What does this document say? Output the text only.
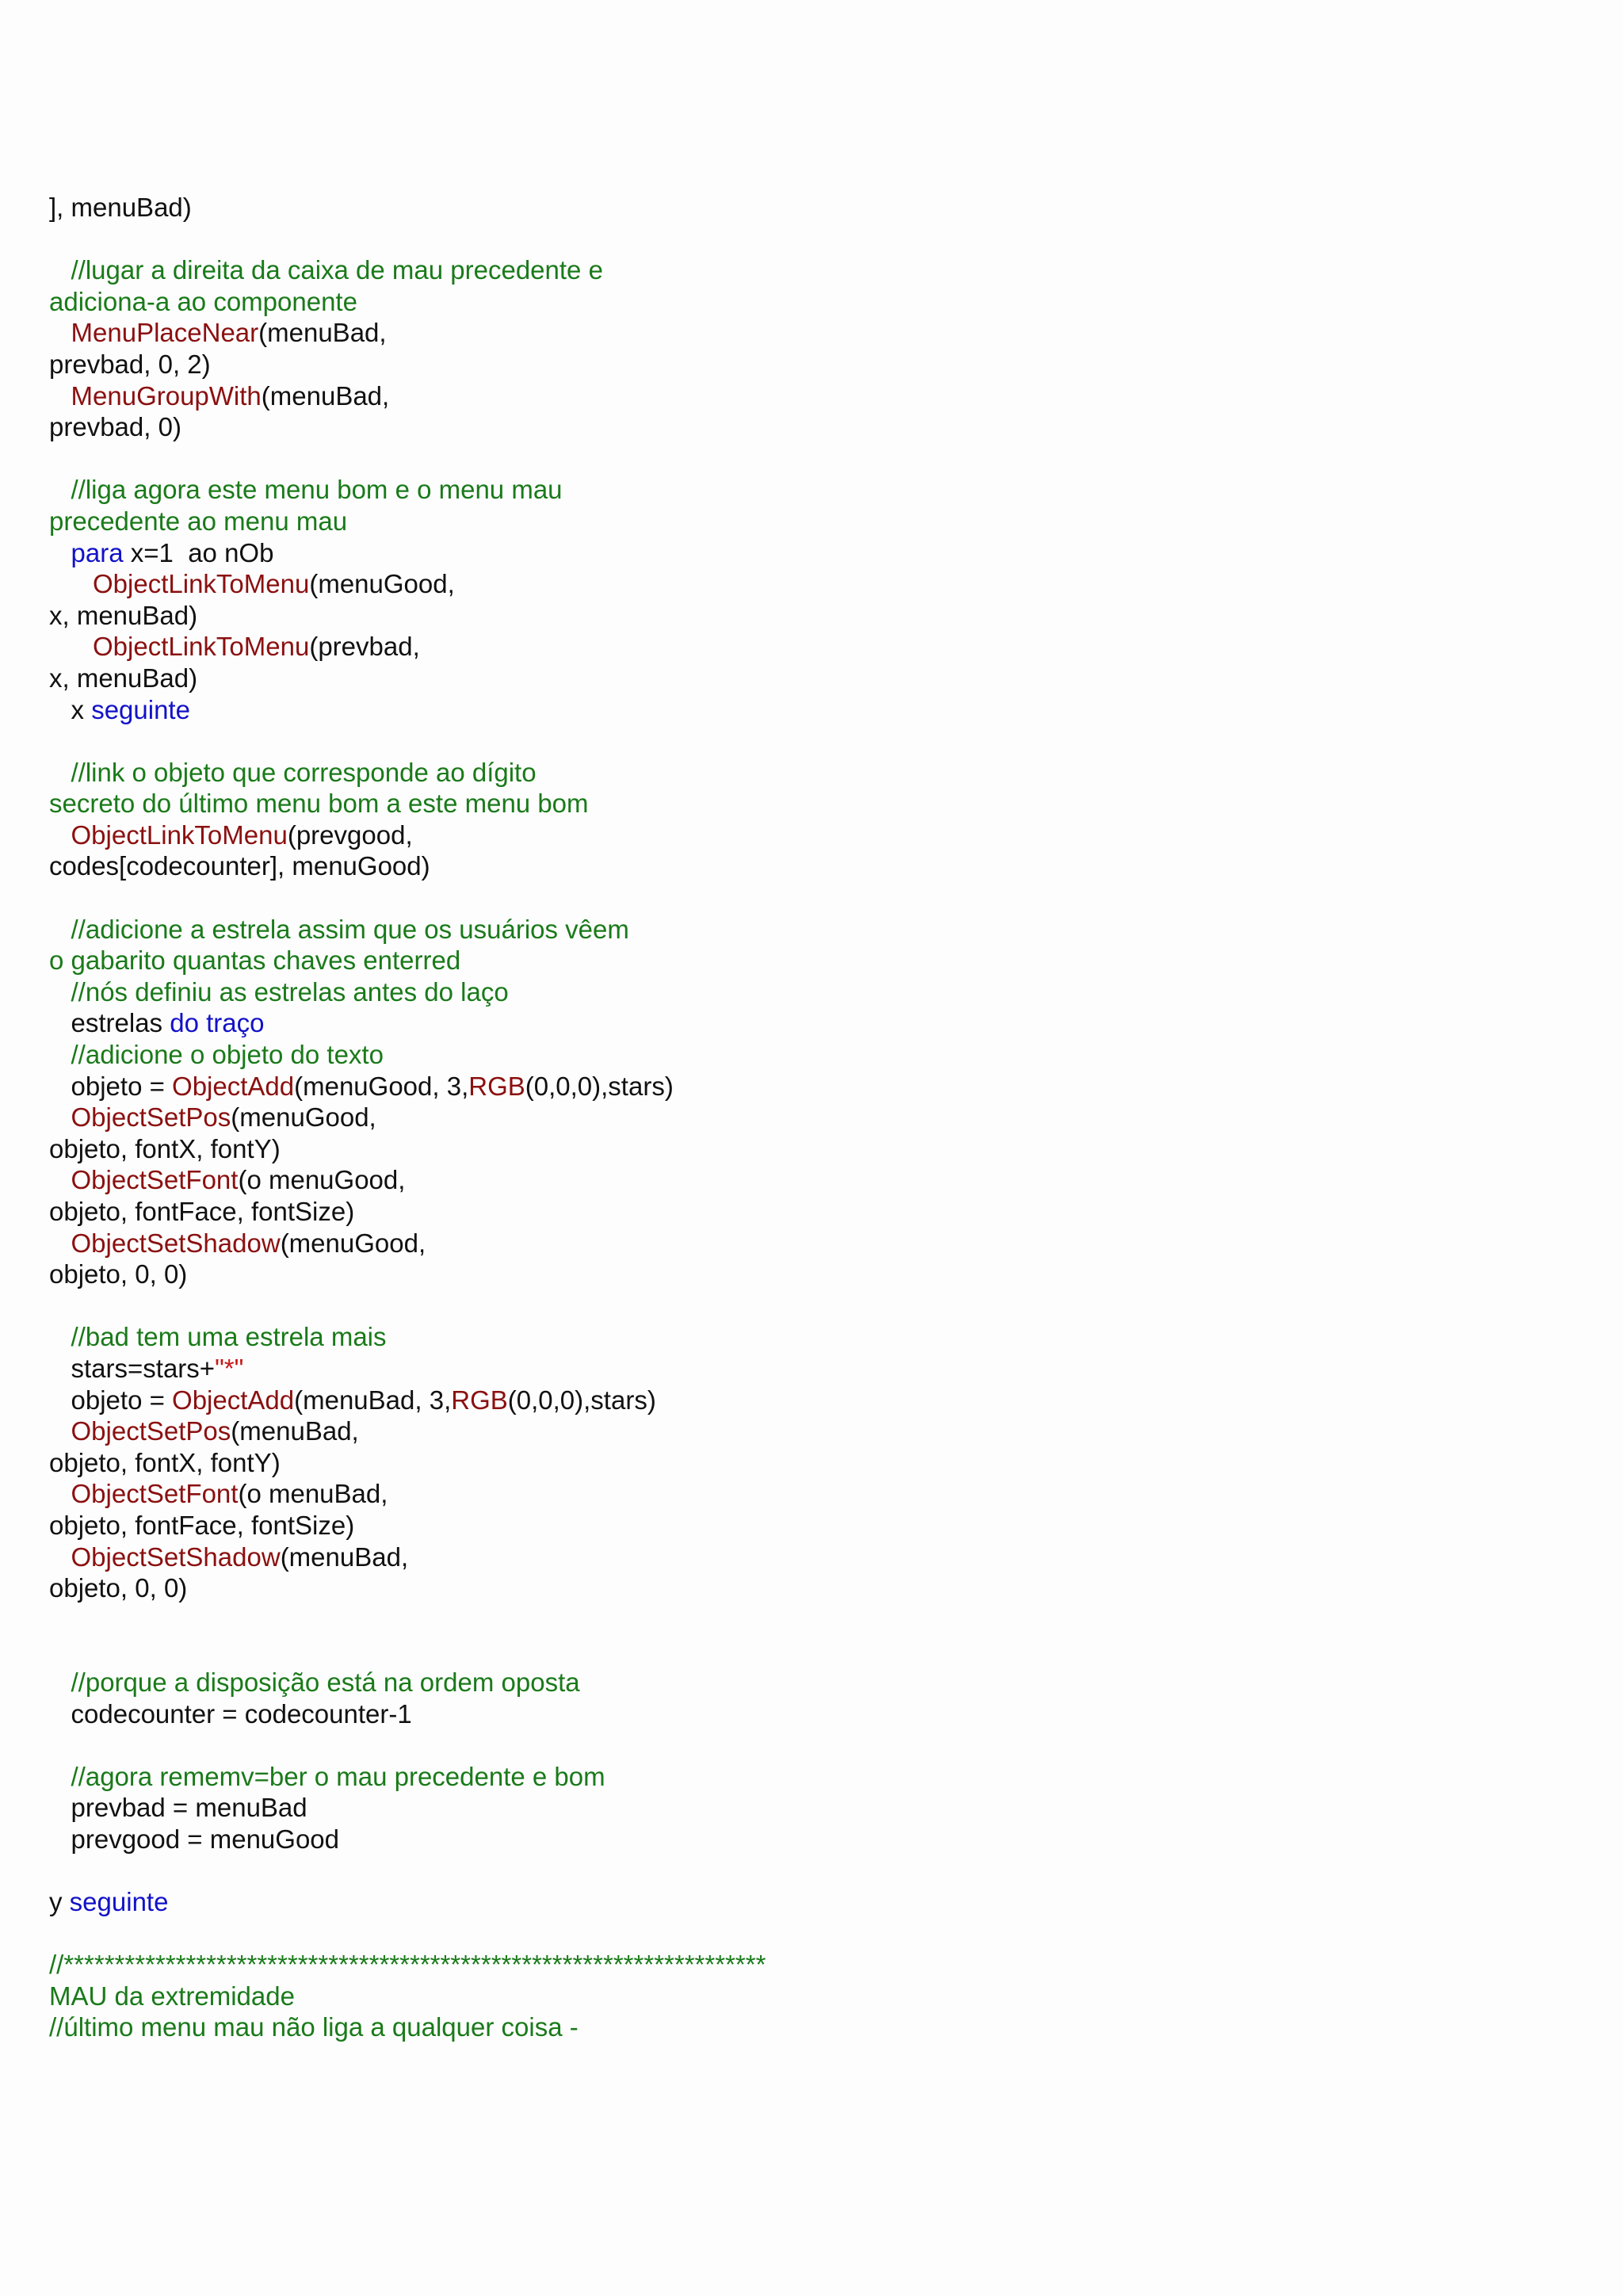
], menuBad)
//lugar a direita da caixa de mau precedente e
adiciona-a ao componente
MenuPlaceNear(menuBad,
prevbad, 0, 2)
MenuGroupWith(menuBad,
prevbad, 0)
//liga agora este menu bom e o menu mau
precedente ao menu mau
para x=1  ao nOb
ObjectLinkToMenu(menuGood,
x, menuBad)
ObjectLinkToMenu(prevbad,
x, menuBad)
x seguinte
//link o objeto que corresponde ao dígito
secreto do último menu bom a este menu bom
ObjectLinkToMenu(prevgood,
codes[codecounter], menuGood)
//adicione a estrela assim que os usuários vêem
o gabarito quantas chaves enterred
//nós definiu as estrelas antes do laço
estrelas do traço
//adicione o objeto do texto
objeto = ObjectAdd(menuGood, 3,RGB(0,0,0),stars)
ObjectSetPos(menuGood,
objeto, fontX, fontY)
ObjectSetFont(o menuGood,
objeto, fontFace, fontSize)
ObjectSetShadow(menuGood,
objeto, 0, 0)
//bad tem uma estrela mais
stars=stars+"*"
objeto = ObjectAdd(menuBad, 3,RGB(0,0,0),stars)
ObjectSetPos(menuBad,
objeto, fontX, fontY)
ObjectSetFont(o menuBad,
objeto, fontFace, fontSize)
ObjectSetShadow(menuBad,
objeto, 0, 0)
//porque a disposição está na ordem oposta
codecounter = codecounter-1
//agora rememv=ber o mau precedente e bom
prevbad = menuBad
prevgood = menuGood
y seguinte
//*********************************************************************
MAU da extremidade
//último menu mau não liga a qualquer coisa -
